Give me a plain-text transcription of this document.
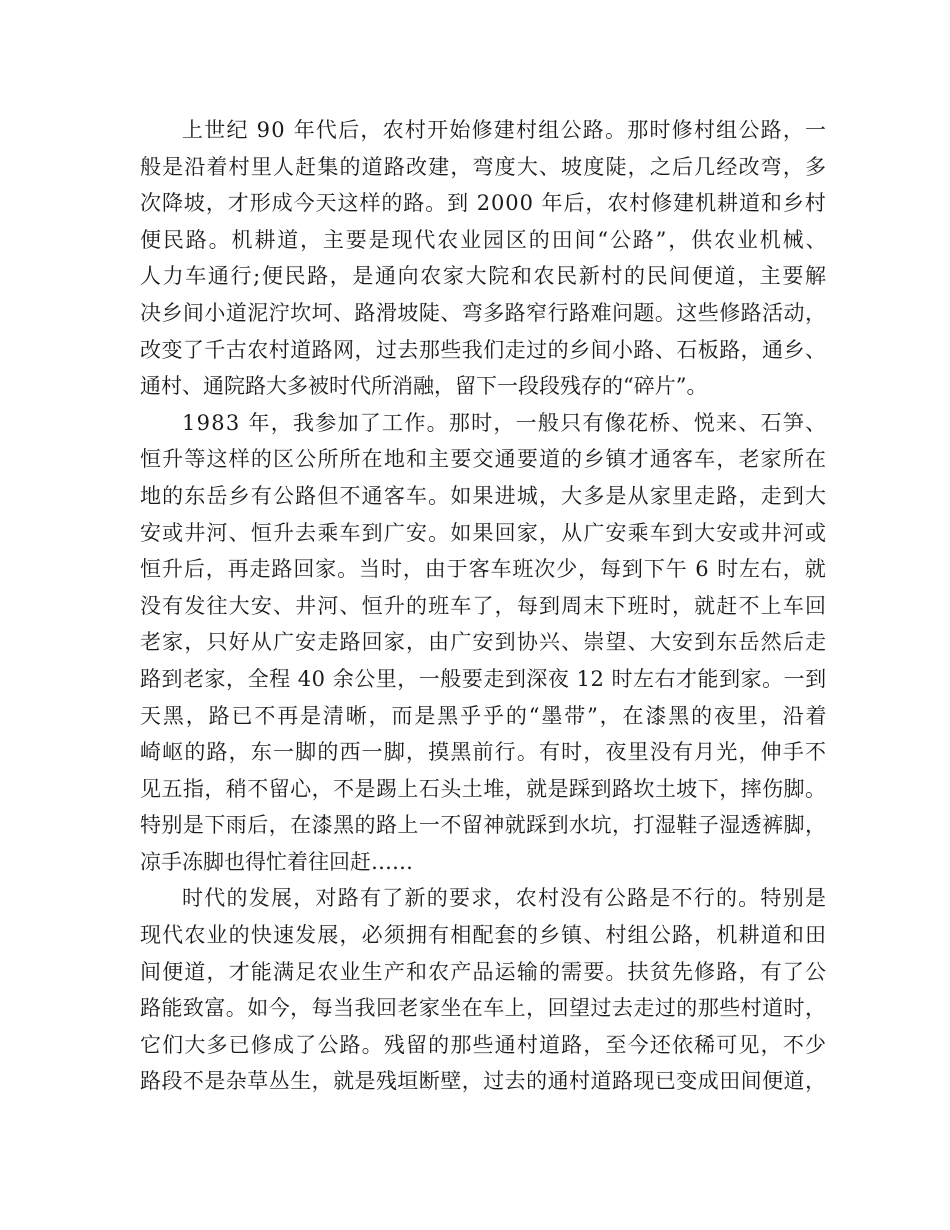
上世纪 90 年代后，农村开始修建村组公路。那时修村组公路，一
般是沿着村里人赶集的道路改建，弯度大、坡度陡，之后几经改弯，多
次降坡，才形成今天这样的路。到 2000 年后，农村修建机耕道和乡村
便民路。机耕道，主要是现代农业园区的田间“公路”，供农业机械、
人力车通行;便民路，是通向农家大院和农民新村的民间便道，主要解
决乡间小道泥泞坎坷、路滑坡陡、弯多路窄行路难问题。这些修路活动，
改变了千古农村道路网，过去那些我们走过的乡间小路、石板路，通乡、
通村、通院路大多被时代所消融，留下一段段残存的“碎片”。
1983 年，我参加了工作。那时，一般只有像花桥、悦来、石笋、
恒升等这样的区公所所在地和主要交通要道的乡镇才通客车，老家所在
地的东岳乡有公路但不通客车。如果进城，大多是从家里走路，走到大
安或井河、恒升去乘车到广安。如果回家，从广安乘车到大安或井河或
恒升后，再走路回家。当时，由于客车班次少，每到下午 6 时左右，就
没有发往大安、井河、恒升的班车了，每到周末下班时，就赶不上车回
老家，只好从广安走路回家，由广安到协兴、崇望、大安到东岳然后走
路到老家，全程 40 余公里，一般要走到深夜 12 时左右才能到家。一到
天黑，路已不再是清晰，而是黑乎乎的“墨带”，在漆黑的夜里，沿着
崎岖的路，东一脚的西一脚，摸黑前行。有时，夜里没有月光，伸手不
见五指，稍不留心，不是踢上石头土堆，就是踩到路坎土坡下，摔伤脚。
特别是下雨后，在漆黑的路上一不留神就踩到水坑，打湿鞋子湿透裤脚，
凉手冻脚也得忙着往回赶……
时代的发展，对路有了新的要求，农村没有公路是不行的。特别是
现代农业的快速发展，必须拥有相配套的乡镇、村组公路，机耕道和田
间便道，才能满足农业生产和农产品运输的需要。扶贫先修路，有了公
路能致富。如今，每当我回老家坐在车上，回望过去走过的那些村道时，
它们大多已修成了公路。残留的那些通村道路，至今还依稀可见，不少
路段不是杂草丛生，就是残垣断壁，过去的通村道路现已变成田间便道，
